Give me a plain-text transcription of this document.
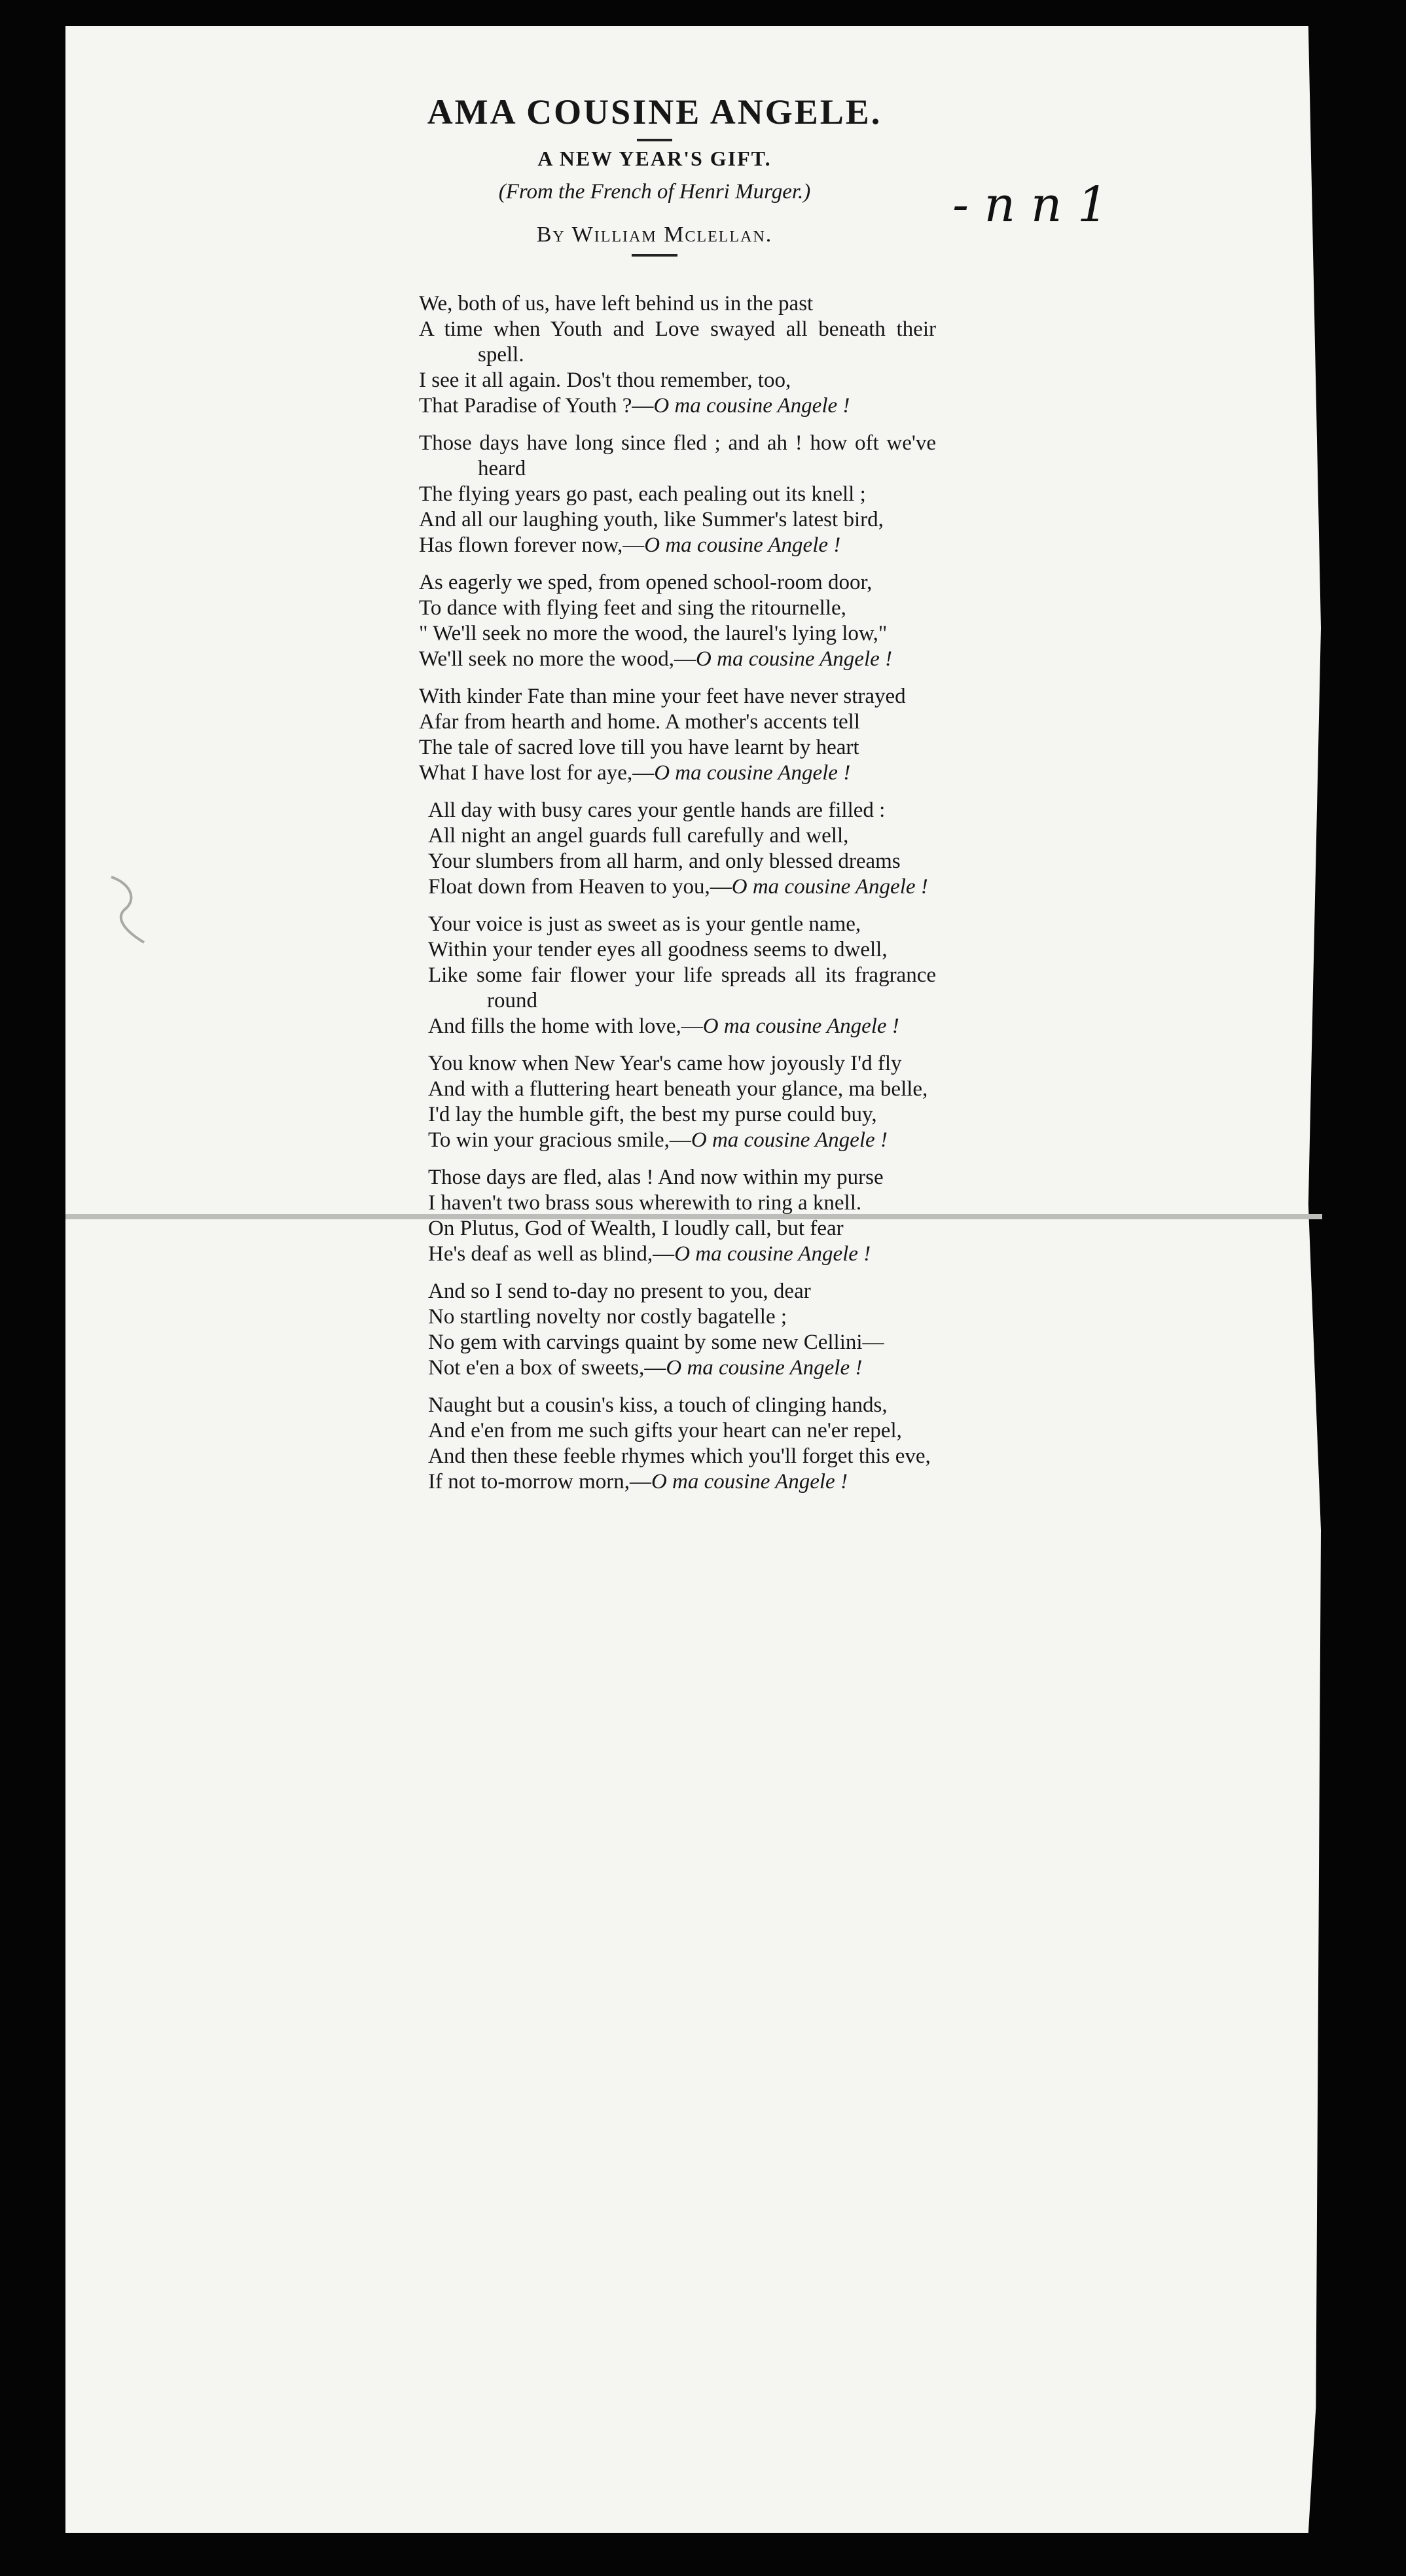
AMA COUSINE ANGELE.
A NEW YEAR'S GIFT.
(From the French of Henri Murger.)
By William Mclellan.
- n n 1
We, both of us, have left behind us in the past
A time when Youth and Love swayed all beneath their spell.
I see it all again. Dos't thou remember, too,
That Paradise of Youth ?—O ma cousine Angele !
Those days have long since fled ; and ah ! how oft we've heard
The flying years go past, each pealing out its knell ;
And all our laughing youth, like Summer's latest bird,
Has flown forever now,—O ma cousine Angele !
As eagerly we sped, from opened school-room door,
To dance with flying feet and sing the ritournelle,
" We'll seek no more the wood, the laurel's lying low,"
We'll seek no more the wood,—O ma cousine Angele !
With kinder Fate than mine your feet have never strayed
Afar from hearth and home. A mother's accents tell
The tale of sacred love till you have learnt by heart
What I have lost for aye,—O ma cousine Angele !
All day with busy cares your gentle hands are filled :
All night an angel guards full carefully and well,
Your slumbers from all harm, and only blessed dreams
Float down from Heaven to you,—O ma cousine Angele !
Your voice is just as sweet as is your gentle name,
Within your tender eyes all goodness seems to dwell,
Like some fair flower your life spreads all its fragrance round
And fills the home with love,—O ma cousine Angele !
You know when New Year's came how joyously I'd fly
And with a fluttering heart beneath your glance, ma belle,
I'd lay the humble gift, the best my purse could buy,
To win your gracious smile,—O ma cousine Angele !
Those days are fled, alas ! And now within my purse
I haven't two brass sous wherewith to ring a knell.
On Plutus, God of Wealth, I loudly call, but fear
He's deaf as well as blind,—O ma cousine Angele !
And so I send to-day no present to you, dear
No startling novelty nor costly bagatelle ;
No gem with carvings quaint by some new Cellini—
Not e'en a box of sweets,—O ma cousine Angele !
Naught but a cousin's kiss, a touch of clinging hands,
And e'en from me such gifts your heart can ne'er repel,
And then these feeble rhymes which you'll forget this eve,
If not to-morrow morn,—O ma cousine Angele !
